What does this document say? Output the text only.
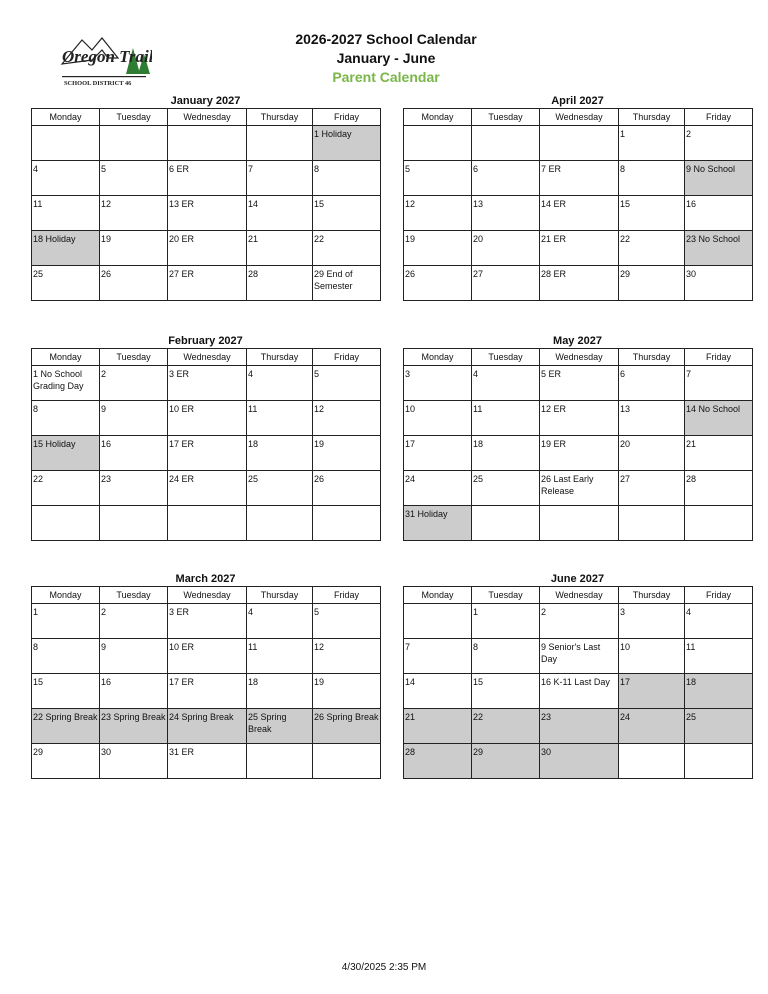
Oregon Trail
SCHOOL DISTRICT 46
2026-2027 School Calendar
January - June
Parent Calendar
January 2027
Monday	Tuesday	Wednesday	Thursday	Friday
				1 Holiday
4	5	6 ER	7	8
11	12	13 ER	14	15
18 Holiday	19	20 ER	21	22
25	26	27 ER	28	29 End of Semester
April 2027
Monday	Tuesday	Wednesday	Thursday	Friday
			1	2
5	6	7 ER	8	9 No School
12	13	14 ER	15	16
19	20	21 ER	22	23 No School
26	27	28 ER	29	30
February 2027
Monday	Tuesday	Wednesday	Thursday	Friday
1 No School Grading Day	2	3 ER	4	5
8	9	10 ER	11	12
15 Holiday	16	17 ER	18	19
22	23	24 ER	25	26

May 2027
Monday	Tuesday	Wednesday	Thursday	Friday
3	4	5 ER	6	7
10	11	12 ER	13	14 No School
17	18	19 ER	20	21
24	25	26 Last Early Release	27	28
31 Holiday				
March 2027
Monday	Tuesday	Wednesday	Thursday	Friday
1	2	3 ER	4	5
8	9	10 ER	11	12
15	16	17 ER	18	19
22 Spring Break	23 Spring Break	24 Spring Break	25 Spring Break	26 Spring Break
29	30	31 ER		
June 2027
Monday	Tuesday	Wednesday	Thursday	Friday
	1	2	3	4
7	8	9 Senior's Last Day	10	11
14	15	16 K-11 Last Day	17	18
21	22	23	24	25
28	29	30		
4/30/2025 2:35 PM
